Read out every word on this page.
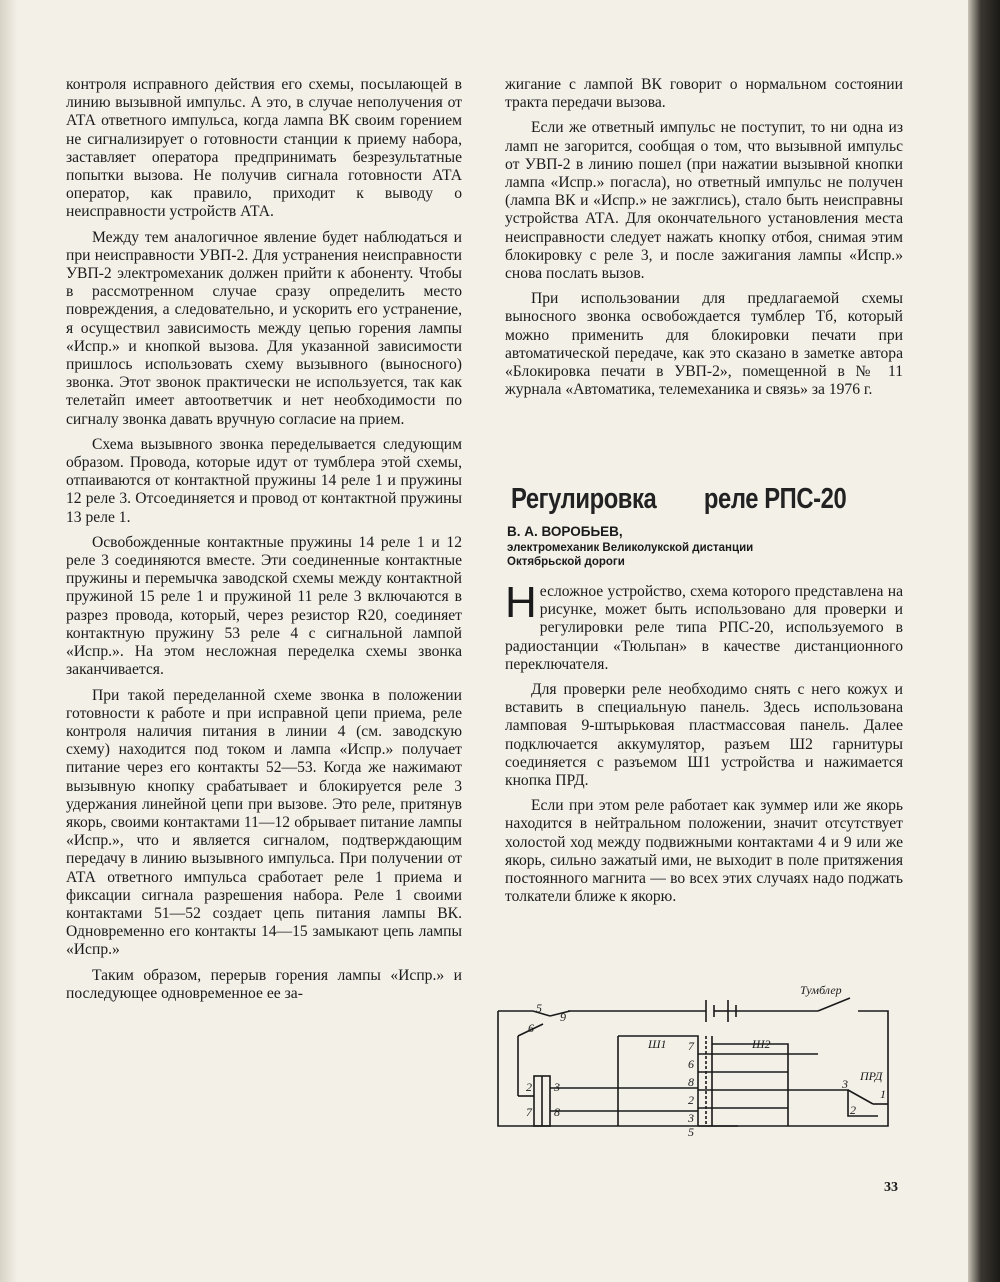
контроля исправного действия его схемы, посылающей в линию вызывной импульс. А это, в случае неполучения от АТА ответного импульса, когда лампа ВК своим горением не сигнализирует о готовности станции к приему набора, заставляет оператора предпринимать безрезультатные попытки вызова. Не получив сигнала готовности АТА оператор, как правило, приходит к выводу о неисправности устройств АТА.

Между тем аналогичное явление будет наблюдаться и при неисправности УВП-2. Для устранения неисправности УВП-2 электромеханик должен прийти к абоненту. Чтобы в рассмотренном случае сразу определить место повреждения, а следовательно, и ускорить его устранение, я осуществил зависимость между цепью горения лампы «Испр.» и кнопкой вызова. Для указанной зависимости пришлось использовать схему вызывного (выносного) звонка. Этот звонок практически не используется, так как телетайп имеет автоответчик и нет необходимости по сигналу звонка давать вручную согласие на прием.

Схема вызывного звонка переделывается следующим образом. Провода, которые идут от тумблера этой схемы, отпаиваются от контактной пружины 14 реле 1 и пружины 12 реле 3. Отсоединяется и провод от контактной пружины 13 реле 1.

Освобожденные контактные пружины 14 реле 1 и 12 реле 3 соединяются вместе. Эти соединенные контактные пружины и перемычка заводской схемы между контактной пружиной 15 реле 1 и пружиной 11 реле 3 включаются в разрез провода, который, через резистор R20, соединяет контактную пружину 53 реле 4 с сигнальной лампой «Испр.». На этом несложная переделка схемы звонка заканчивается.

При такой переделанной схеме звонка в положении готовности к работе и при исправной цепи приема, реле контроля наличия питания в линии 4 (см. заводскую схему) находится под током и лампа «Испр.» получает питание через его контакты 52—53. Когда же нажимают вызывную кнопку срабатывает и блокируется реле 3 удержания линейной цепи при вызове. Это реле, притянув якорь, своими контактами 11—12 обрывает питание лампы «Испр.», что и является сигналом, подтверждающим передачу в линию вызывного импульса. При получении от АТА ответного импульса сработает реле 1 приема и фиксации сигнала разрешения набора. Реле 1 своими контактами 51—52 создает цепь питания лампы ВК. Одновременно его контакты 14—15 замыкают цепь лампы «Испр.»

Таким образом, перерыв горения лампы «Испр.» и последующее одновременное ее за-

жигание с лампой ВК говорит о нормальном состоянии тракта передачи вызова.

Если же ответный импульс не поступит, то ни одна из ламп не загорится, сообщая о том, что вызывной импульс от УВП-2 в линию пошел (при нажатии вызывной кнопки лампа «Испр.» погасла), но ответный импульс не получен (лампа ВК и «Испр.» не зажглись), стало быть неисправны устройства АТА. Для окончательного установления места неисправности следует нажать кнопку отбоя, снимая этим блокировку с реле 3, и после зажигания лампы «Испр.» снова послать вызов.

При использовании для предлагаемой схемы выносного звонка освобождается тумблер Тб, который можно применить для блокировки печати при автоматической передаче, как это сказано в заметке автора «Блокировка печати в УВП-2», помещенной в № 11 журнала «Автоматика, телемеханика и связь» за 1976 г.

Регулировка реле РПС-20
В. А. ВОРОБЬЕВ,
электромеханик Великолукской дистанции
Октябрьской дороги

Несложное устройство, схема которого представлена на рисунке, может быть использовано для проверки и регулировки реле типа РПС-20, используемого в радиостанции «Тюльпан» в качестве дистанционного переключателя.

Для проверки реле необходимо снять с него кожух и вставить в специальную панель. Здесь использована ламповая 9-штырьковая пластмассовая панель. Далее подключается аккумулятор, разъем Ш2 гарнитуры соединяется с разъемом Ш1 устройства и нажимается кнопка ПРД.

Если при этом реле работает как зуммер или же якорь находится в нейтральном положении, значит отсутствует холостой ход между подвижными контактами 4 и 9 или же якорь, сильно зажатый ими, не выходит в поле притяжения постоянного магнита — во всех этих случаях надо поджать толкатели ближе к якорю.

Тумблер
Ш1	Ш2
ПРД
5
9
6
2 3
7 8
7
6
8
2
3
5
3
1
2
33
